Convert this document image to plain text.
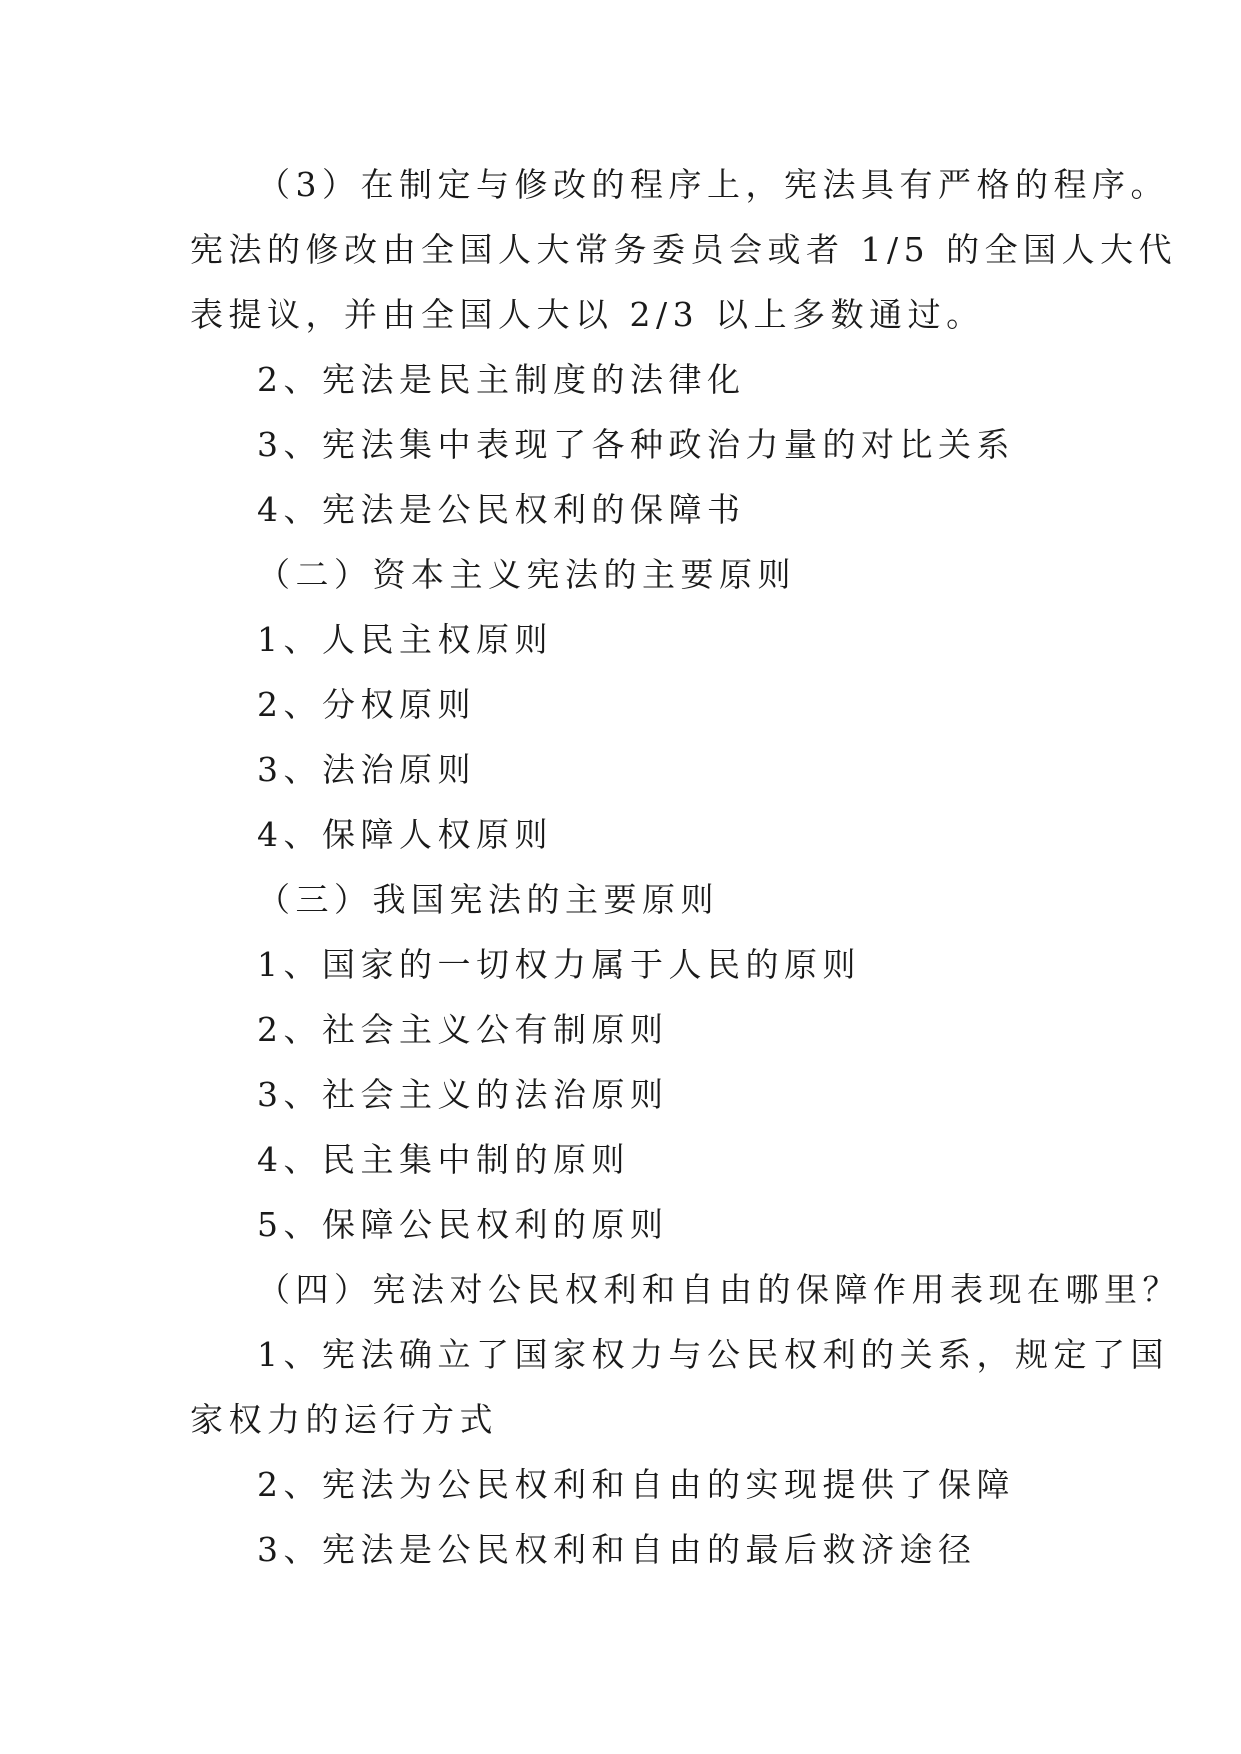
（3）在制定与修改的程序上，宪法具有严格的程序。
宪法的修改由全国人大常务委员会或者 1/5 的全国人大代
表提议，并由全国人大以 2/3 以上多数通过。
2、宪法是民主制度的法律化
3、宪法集中表现了各种政治力量的对比关系
4、宪法是公民权利的保障书
（二）资本主义宪法的主要原则
1、人民主权原则
2、分权原则
3、法治原则
4、保障人权原则
（三）我国宪法的主要原则
1、国家的一切权力属于人民的原则
2、社会主义公有制原则
3、社会主义的法治原则
4、民主集中制的原则
5、保障公民权利的原则
（四）宪法对公民权利和自由的保障作用表现在哪里？
1、宪法确立了国家权力与公民权利的关系，规定了国
家权力的运行方式
2、宪法为公民权利和自由的实现提供了保障
3、宪法是公民权利和自由的最后救济途径
